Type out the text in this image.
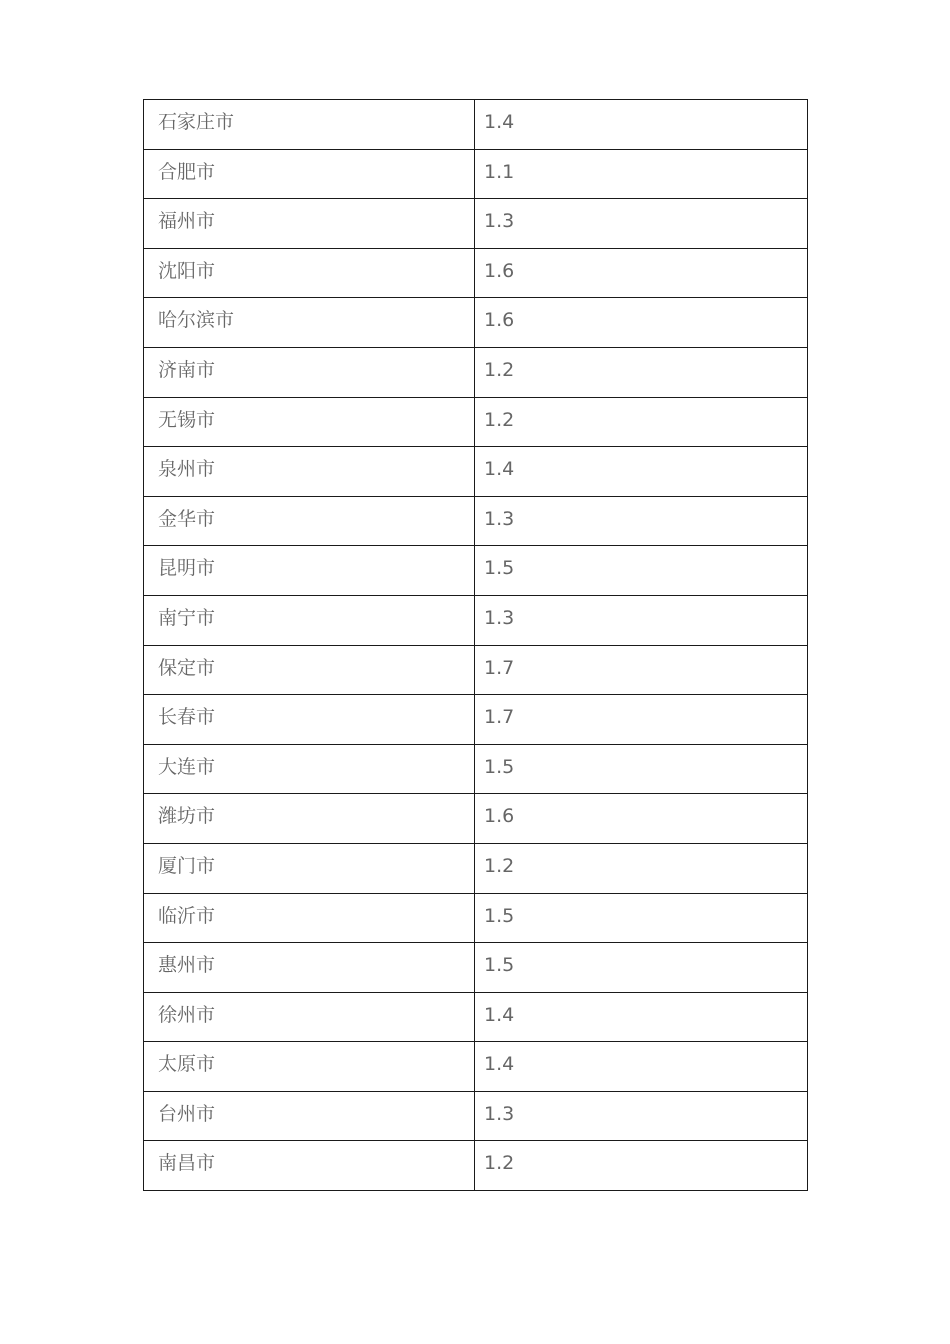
石家庄市	1.4
合肥市	1.1
福州市	1.3
沈阳市	1.6
哈尔滨市	1.6
济南市	1.2
无锡市	1.2
泉州市	1.4
金华市	1.3
昆明市	1.5
南宁市	1.3
保定市	1.7
长春市	1.7
大连市	1.5
潍坊市	1.6
厦门市	1.2
临沂市	1.5
惠州市	1.5
徐州市	1.4
太原市	1.4
台州市	1.3
南昌市	1.2
